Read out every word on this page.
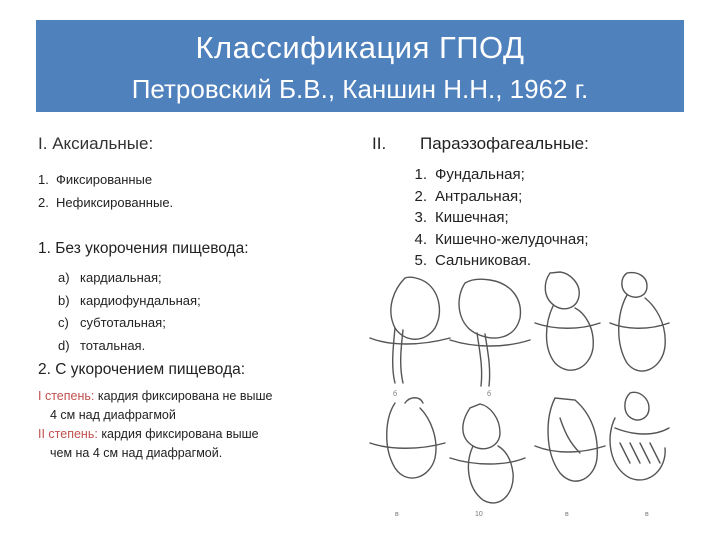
Классификация ГПОД
Петровский Б.В., Каншин Н.Н., 1962 г.
I. Аксиальные:
1. Фиксированные
2. Нефиксированные.
1. Без укорочения пищевода:
a) кардиальная;
b) кардиофундальная;
c) субтотальная;
d) тотальная.
2. С укорочением пищевода:
I степень: кардия фиксирована не выше
4 см над диафрагмой
II степень: кардия фиксирована выше
чем на 4 см над диафрагмой.
II. Параэзофагеальные:
1. Фундальная;
2. Антральная;
3. Кишечная;
4. Кишечно-желудочная;
5. Сальниковая.
б	б
в	10	в	в
